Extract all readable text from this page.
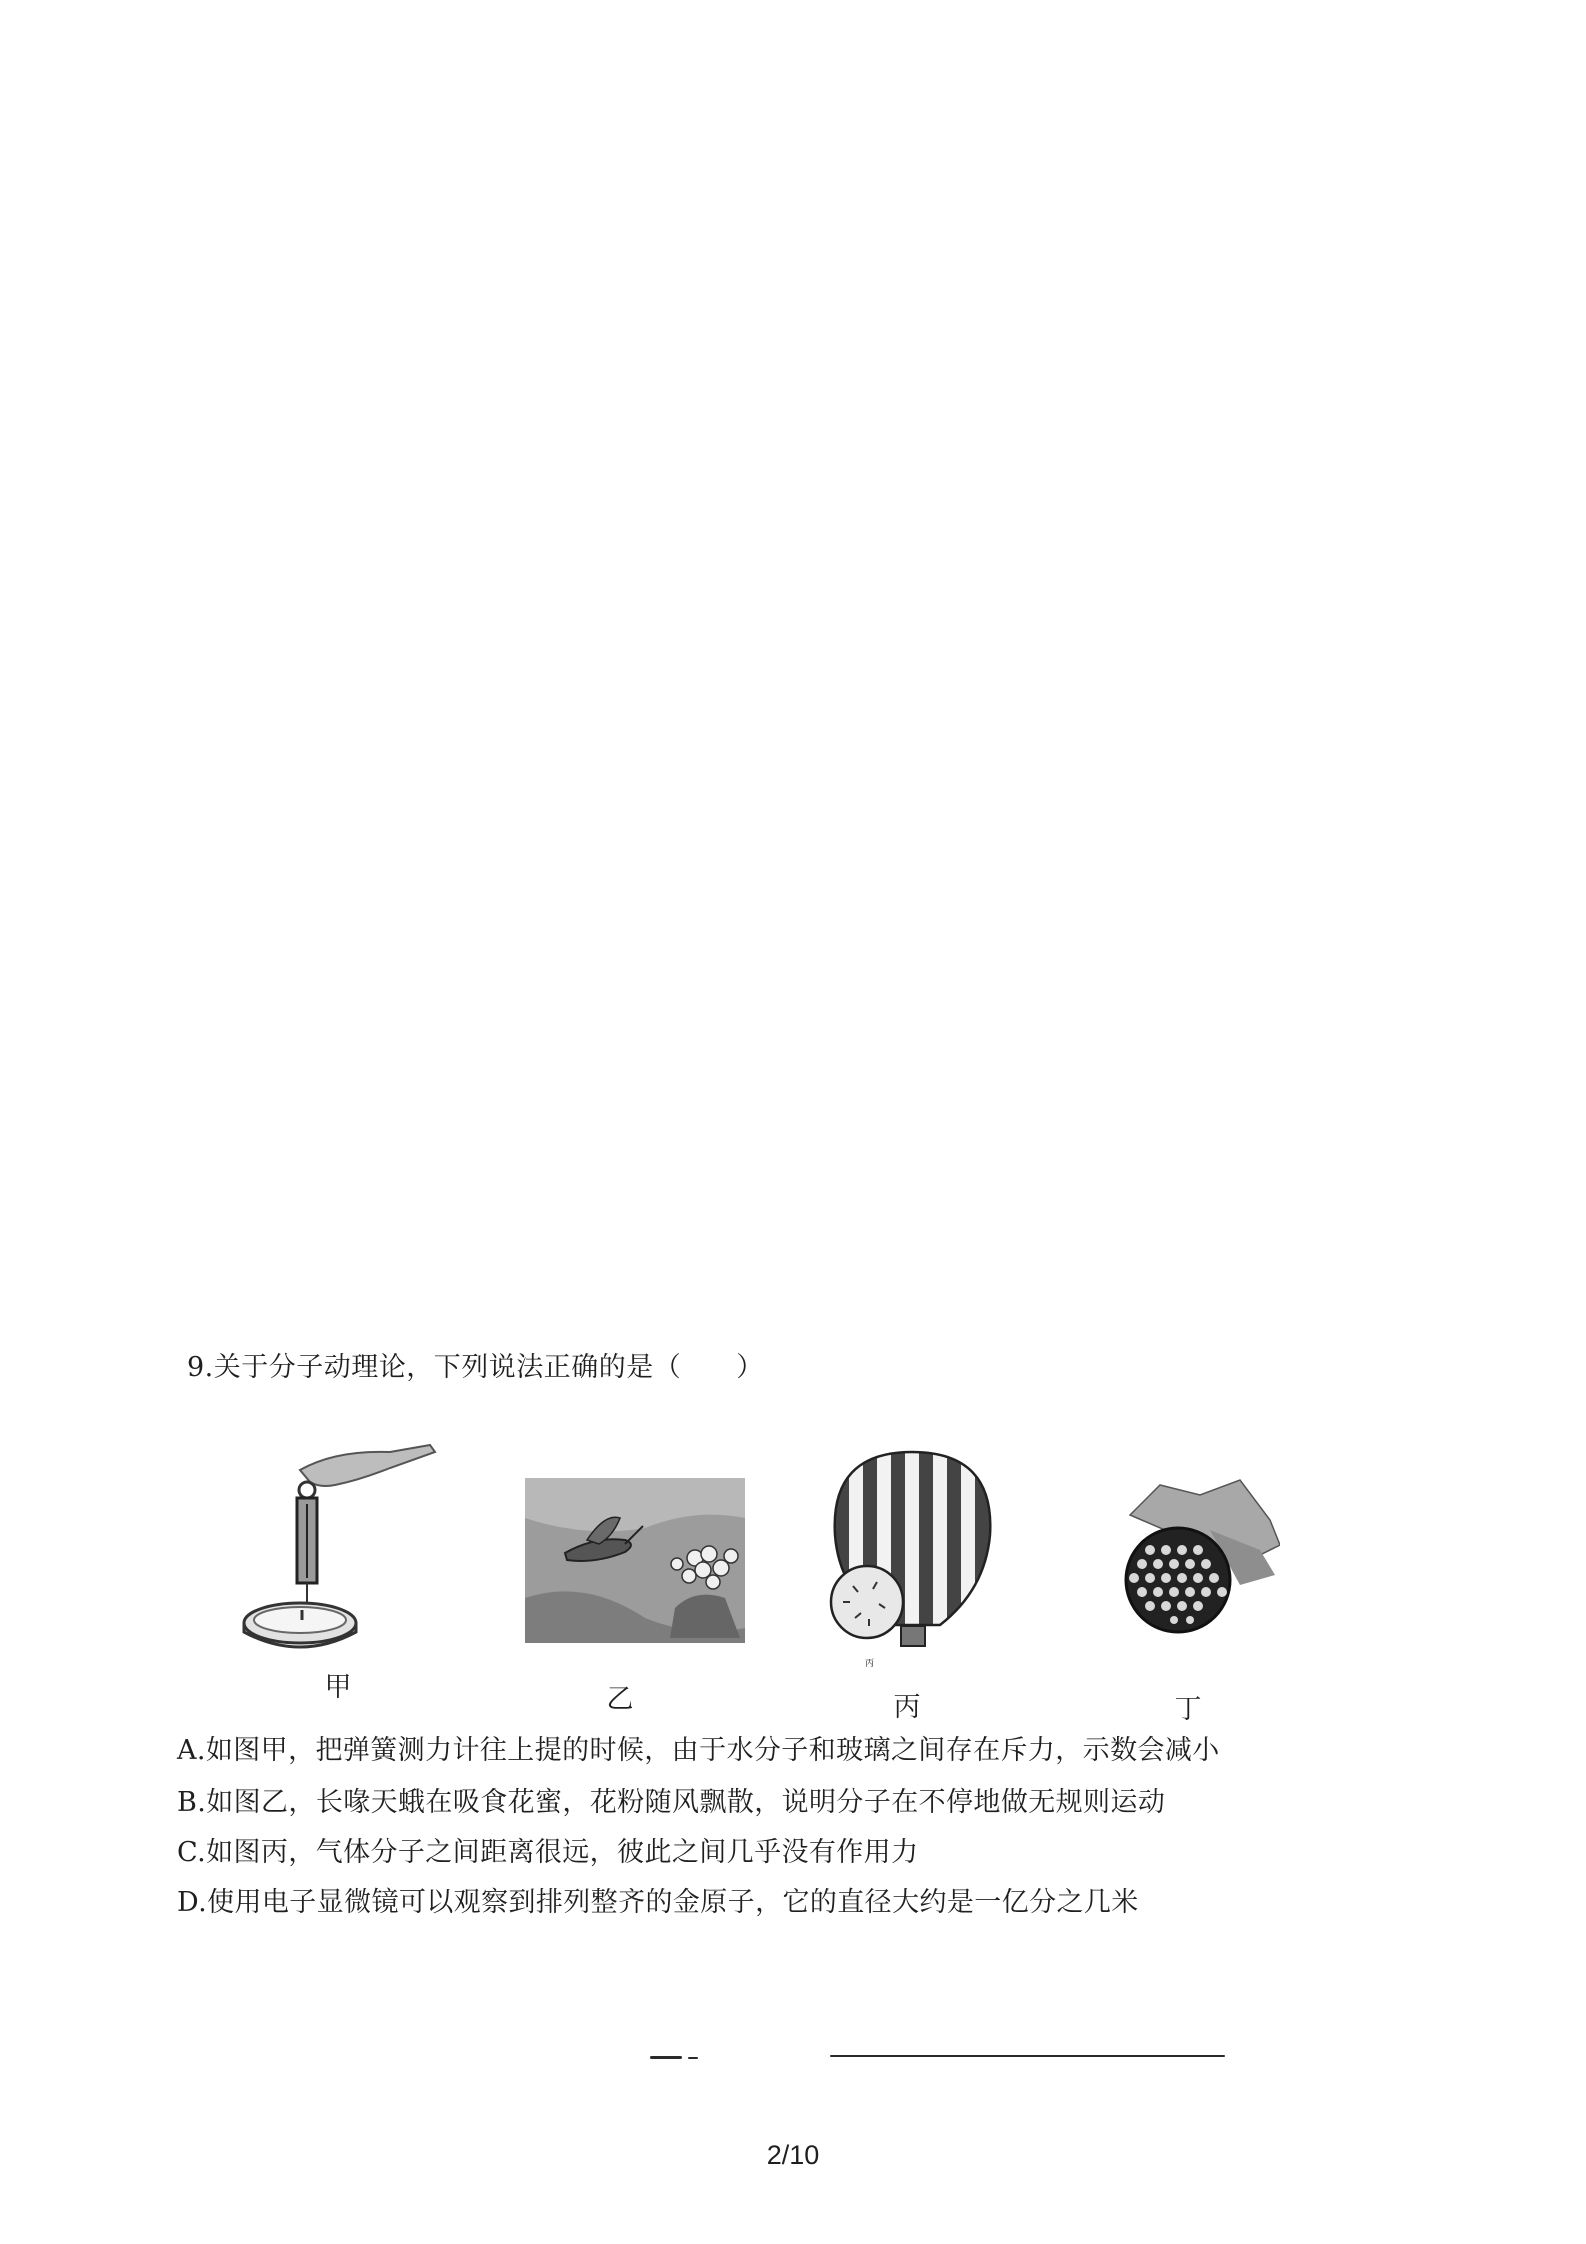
9.关于分子动理论，下列说法正确的是（　　）
丙
甲	乙	丙	丁
A.如图甲，把弹簧测力计往上提的时候，由于水分子和玻璃之间存在斥力，示数会减小
B.如图乙，长喙天蛾在吸食花蜜，花粉随风飘散，说明分子在不停地做无规则运动
C.如图丙，气体分子之间距离很远，彼此之间几乎没有作用力
D.使用电子显微镜可以观察到排列整齐的金原子，它的直径大约是一亿分之几米
2/10
